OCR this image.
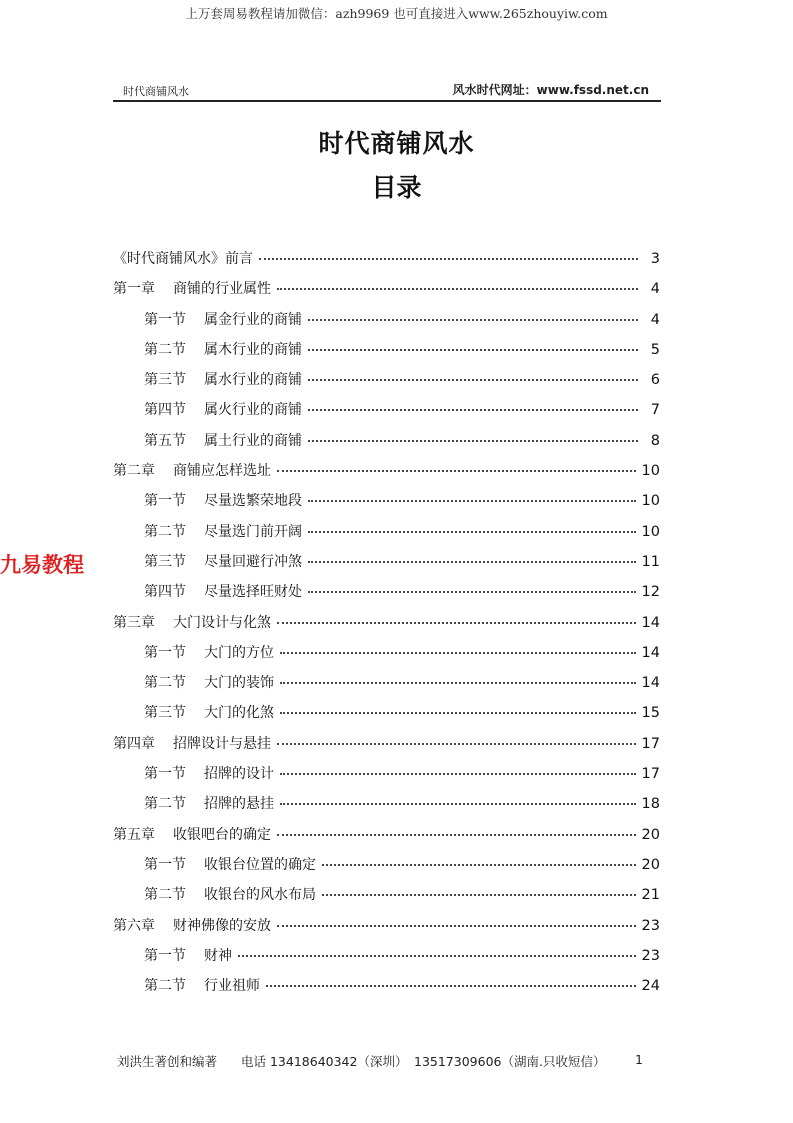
上万套周易教程请加微信：azh9969 也可直接进入www.265zhouyiw.com
时代商铺风水	风水时代网址：www.fssd.net.cn
时代商铺风水
目录
《时代商铺风水》前言	3
第一章 商铺的行业属性	4
第一节 属金行业的商铺	4
第二节 属木行业的商铺	5
第三节 属水行业的商铺	6
第四节 属火行业的商铺	7
第五节 属土行业的商铺	8
第二章 商铺应怎样选址	10
第一节 尽量选繁荣地段	10
第二节 尽量选门前开阔	10
第三节 尽量回避行冲煞	11
第四节 尽量选择旺财处	12
第三章 大门设计与化煞	14
第一节 大门的方位	14
第二节 大门的装饰	14
第三节 大门的化煞	15
第四章 招牌设计与悬挂	17
第一节 招牌的设计	17
第二节 招牌的悬挂	18
第五章 收银吧台的确定	20
第一节 收银台位置的确定	20
第二节 收银台的风水布局	21
第六章 财神佛像的安放	23
第一节 财神	23
第二节 行业祖师	24
九易教程
刘洪生著创和编著 电话 13418640342（深圳） 13517309606（湖南.只收短信） 1
